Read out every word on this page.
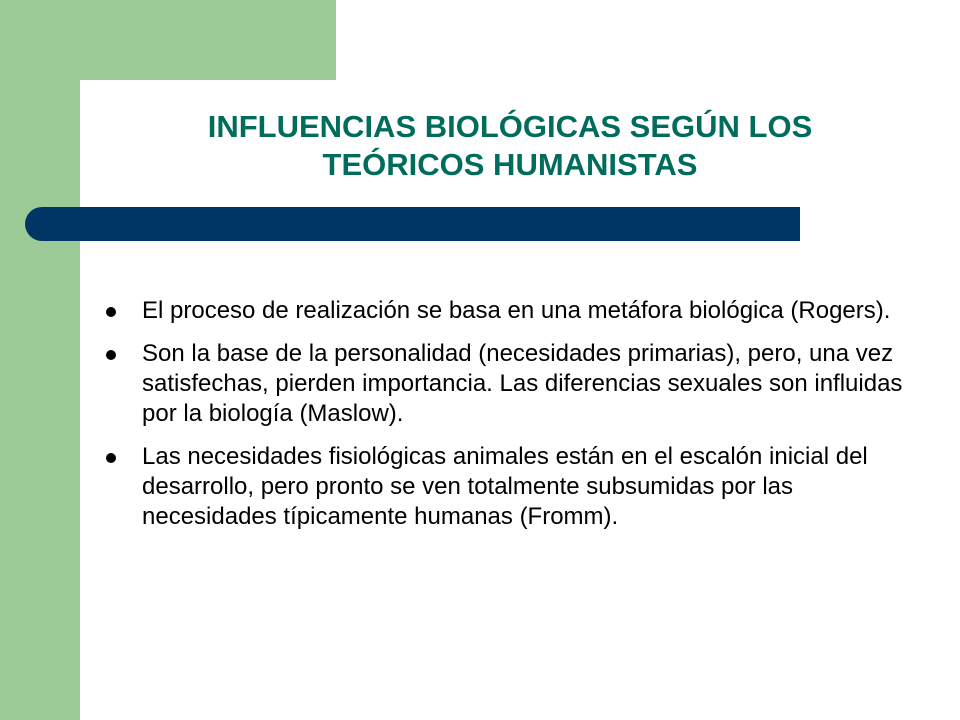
INFLUENCIAS BIOLÓGICAS SEGÚN LOS
TEÓRICOS HUMANISTAS
El proceso de realización se basa en una metáfora biológica (Rogers).
Son la base de la personalidad (necesidades primarias), pero, una vez satisfechas, pierden importancia. Las diferencias sexuales son influidas por la biología (Maslow).
Las necesidades fisiológicas animales están en el escalón inicial del desarrollo, pero pronto se ven totalmente subsumidas por las necesidades típicamente humanas (Fromm).
